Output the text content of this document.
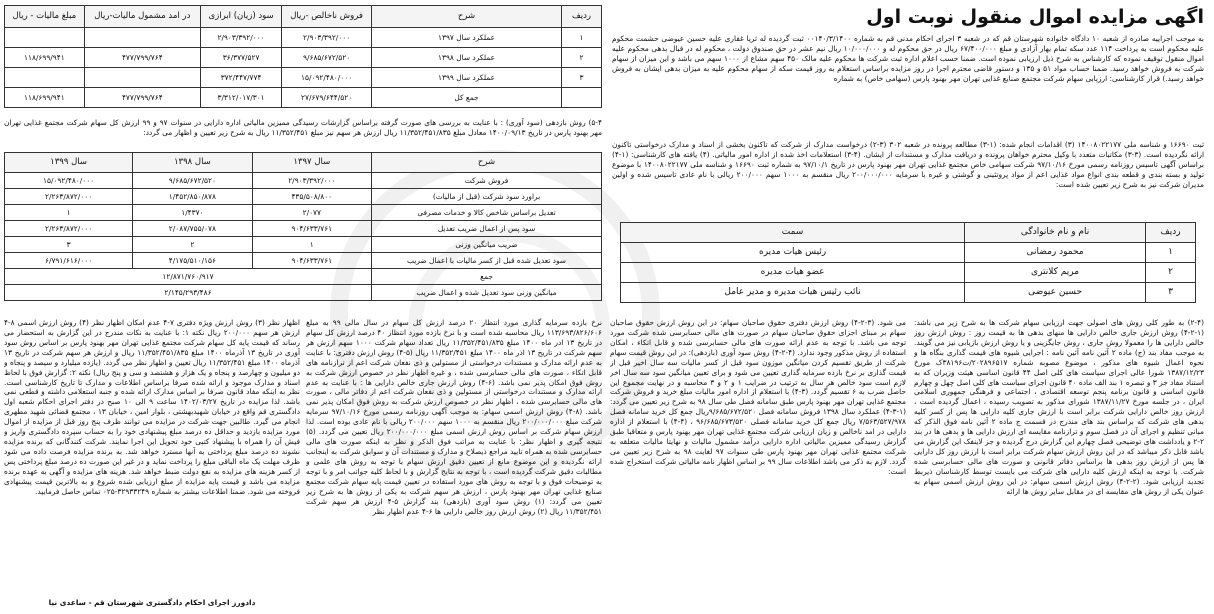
اگهی مزایده اموال منقول نوبت اول

به موجب اجراییه صادره از شعبه ۱۰ دادگاه خانواده شهرستان قم که در شعبه ۳ اجرای احکام مدنی قم به شماره ۰۰۱۴۰/۳/۱۴۰۰ ثبت گردیده له ثریا غفاری علیه حسین عیوضی حشمت محکوم علیه محکوم است به پرداخت ۱۱۴ عدد سکه تمام بهار آزادی و مبلغ ۶۷/۴۰۰/۰۰۰ ریال در حق محکوم له و ۱۰/۰۰۰/۰۰۰ ریال نیم عشر در حق صندوق دولت ، محکوم له در قبال بدهی محکوم علیه اموال منقول توقیف نموده که کارشناس به شرح ذیل ارزیابی نموده است. ضمنا حسب اعلام اداره ثبت شرکت ها محکوم علیه مالک ۴۵۰ سهم مشاع از ۱۰۰۰ سهم می باشد و این میزان از سهام شرکت به فروش خواهد رسید. ضمنا حساب مواد ۵۱ و ۱۳۵ و دستور قاضی محترم اجرا در روز مزایده براساس استعلام به روز قیمت سکه از سهام محکوم علیه به میزان بدهی ایشان به فروش خواهد رسید.) قرار کارشناسی: ارزیابی سهام شرکت مجتمع صنایع غذایی تهران مهر بهنود پارس (سهامی خاص) به شماره

ثبت ۱۶۶۹۰ و شناسه ملی ۱۴۰۰۸۰۲۲۱۷۷ (۳) اقدامات انجام شده: (۱-۳) مطالعه پرونده در شعبه ۳۰۲ (۳-۲) درخواست مدارک از شرکت که تاکنون بخشی از اسناد و مدارک درخواستی تاکنون ارائه نگردیده است. (۳-۳) مکاتبات متعدد با وکیل محترم خواهان پرونده و دریافت مدارک و مستندات از ایشان. (۴-۳) استعلامات اخذ شده از اداره امور مالیاتی. (۴) یافته های کارشناسی: (۱-۴) براساس آگهی تاسیس روزنامه رسمی مورخ ۹۷/۱۰/۱۶ شرکت سهامی خاص مجتمع غذایی تهران مهر بهنود پارس در تاریخ ۹۷/۱۰/۱ به شماره ثبت ۱۶۶۹۰ و شناسه ملی ۱۴۰۰۸۰۲۲۱۷۷ با موضوع تولید و بسته بندی و قطعه بندی انواع مواد غذایی اعم از مواد پروتئینی و گوشتی و غیره با سرمایه ۲۰۰/۰۰۰/۰۰۰ ریال منقسم به ۱۰۰۰ سهم ۲۰۰/۰۰۰ ریالی با نام عادی تاسیس شده و اولین مدیران شرکت نیز به شرح زیر تعیین شده است:

ردیف	نام و نام خانوادگی	سمت
۱	محمود رمضانی	رئیس هیات مدیره
۲	مریم کلانتری	عضو هیات مدیره
۳	حسین عیوضی	نائب رئیس هیات مدیره و مدیر عامل

(۲-۴) به طور کلی روش های اصولی جهت ارزیابی سهام شرکت ها به شرح زیر می باشد: (۱-۲-۴) روش ارزش جاری خالص دارایی ها منهای بدهی ها به قیمت روز : روش ارزش روز خالص دارایی ها را معمولا روش جاری ، روش جایگزینی و یا روش ارزش بازیابی نیز می گویند. به موجب مفاد بند (ج) ماده ۲ آئین نامه آئین نامه : اجرایی شیوه های قیمت گذاری بنگاه ها و نحوه اعمال شیوه های مذکور ، موضوع مصوبه شماره ۲۰۲۸۹۶۵۱۷/ت۳۸۱۹۶ک مورخ ۱۳۸۷/۱۲/۲۳ شورا عالی اجرای سیاست های کلی اصل ۴۴ قانون اساسی هیئت وزیران که به استناد مفاد جز ۳ و تبصره ۱ بند الف ماده ۴۰ قانون اجرای سیاست های کلی اصل چهل و چهارم قانون اساسی و قانون برنامه پنجم توسعه اقتصادی ، اجتماعی و فرهنگی جمهوری اسلامی ایران ، در جلسه مورخ ۱۳۸۷/۱۱/۲۷ شورای مذکور به تصویب رسیده ، اعمال گردیده است ، ارزش روز خالص دارایی شرکت برابر است با ارزش جاری کلیه دارایی ها پس از کسر کلیه بدهی های شرکت که براساس بند های مندرج در قسمت ج ماده ۲ آئین نامه فوق الذکر که مبانی تنظیم و اجرای آن در فصل سوم و ترازنامه مقایسه ای ارزش دارایی ها و بدهی ها در بند ۲-۲ و یادداشت های توضیحی فصل چهارم این گزارش درج گردیده و جز لاینفک این گزارش می باشد قابل ذکر میباشد که در این روش ارزش سهام شرکت برابر است با ارزش روز کل دارایی ها پس از ارزش روز بدهی ها براساس دفاتر قانونی و صورت های مالی حسابرسی شده شرکت. با توجه به اینکه ارزش کلیه دارایی های شرکت می بایست توسط کارشناسان ذیربط تجدید ارزیابی شود. (۲-۲-۴) روش ارزش اسمی سهام: در این روش ارزش اسمی سهام به عنوان یکی از روش های مقایسه ای در مقابل سایر روش ها ارائه

می شود. (۳-۲-۴) روش ارزش دفتری حقوق صاحبان سهام: در این روش ارزش حقوق صاحبان سهام بر مبنای اجزای حقوق صاحبان سهام در صورت های مالی حسابرسی شده شرکت مورد توجه می باشد. با توجه به عدم ارائه صورت های مالی حسابرسی شده و قابل اتکاء ، امکان استفاده از روش مذکور وجود ندارد. (۴-۲-۴) روش سود آوری (بازدهی): در این روش قیمت سهام شرکت از طریق تقسیم کردن میانگین موزون سود قبل از کسر مالیات سه سال اخیر قبل از قیمت گذاری بر نرخ بازده سرمایه گذاری تعیین می شود و برای تعیین میانگین سود سه سال اخر لازم است سود خالص هر سال به ترتیب در ضرایب ۱ و ۲ و ۳ محاسبه و در نهایت مجموع این حاصل ضرب به ۶ تقسیم گردد. (۳-۴) با استعلام از اداره امور مالیات مبلغ خرید و فروش شرکت مجتمع غذایی تهران مهر بهنود پارس طبق سامانه فصل طی سال ۹۸ به شرح زیر تعیین می گردد: (۱-۳-۴) عملکرد سال ۱۳۹۸ فروش سامانه فصل ۹/۶۸۵/۶۷۲/۵۲۰ریال جمع کل خرید سامانه فصل ۷/۵۶۳/۵۲۷/۹۷۸ ریال جمع کل خرید سامانه فصلی ۹۶/۶۸۵/۶۷۳/۵۲۰ ، (۴-۴) با استعلام از اداره دارایی در امد ناخالص و زیان ارزیابی شرکت مجتمع غذایی تهران مهر بهنود پارس و متعاقبا طبق گزارش رسیدگی ممیزین مالیاتی اداره دارایی درآمد مشمول مالیات و نهایتا مالیات متعلقه به شرکت مجتمع غذایی تهران مهر بهنود پارس طی سنوات ۹۷ لغایت ۹۸ به شرح زیر تعیین می گردد. لازم به ذکر می باشد اطلاعات سال ۹۹ بر اساس اظهار نامه مالیاتی شرکت استخراج شده است:

ردیف	شرح	فروش ناخالص -ریال	سود (زیان) ابرازی	در امد مشمول مالیات-ریال	مبلغ مالیات - ریال
۱	عملکرد سال ۱۳۹۷	۲/۹۰۳/۳۹۲/۰۰۰	۲/۹۰۳/۳۹۲/۰۰۰		
۲	عملکرد سال ۱۳۹۸	۹/۶۸۵/۶۷۲/۵۲۰	۳۶/۳۷۷/۵۲۷	۴۷۷/۷۹۹/۷۶۴	۱۱۸/۶۹۹/۹۴۱
۳	عملکرد سال ۱۳۹۹	۱۵/۰۹۲/۴۸۰/۰۰۰	۳۷۲/۴۴۷/۷۷۴		
	جمع کل	۲۷/۶۷۹/۶۴۴/۵۲۰	۳/۳۱۲/۰۱۷/۳۰۱	۴۷۷/۷۹۹/۷۶۴	۱۱۸/۶۹۹/۹۴۱

۵-۴) روش بازدهی (سود آوری) : با عنایت به بررسی های صورت گرفته براساس گزارشات رسیدگی ممیزین مالیاتی اداره دارایی در سنوات ۹۷ و ۹۹ ارزش کل سهام شرکت مجتمع غذایی تهران مهر بهنود پارس در تاریخ ۱۴۰۰/۰۹/۱۳ معادل مبلغ ۱۱/۳۵۲/۴۵۱/۸۳۵ ریال ارزش هر سهم نیز مبلغ ۱۱/۳۵۲/۴۵۱ ریال به شرح زیر تعیین و اظهار می گردد:

شرح	سال ۱۳۹۷	سال ۱۳۹۸	سال ۱۳۹۹
فروش شرکت	۲/۹۰۳/۳۹۲/۰۰۰	۹/۶۸۵/۶۷۲/۵۲۰	۱۵/۰۹۲/۴۸۰/۰۰۰
براورد سود شرکت (قبل از مالیات)	۴۳۵/۵۰۸/۸۰۰	۱/۴۵۲/۸۵۰/۸۷۸	۲/۲۶۳/۸۷۲/۰۰۰
تعدیل براساس شاخص کالا و خدمات مصرفی	۲/۰۷۷	۱/۴۳۷۰	۱
سود پس از اعمال ضریب تعدیل	۹۰۴/۶۳۳/۷۶۱	۲/۰۸۷/۷۵۵/۰۷۸	۲/۲۶۳/۸۷۲/۰۰۰
ضریب میانگین وزنی	۱	۲	۳
سود تعدیل شده قبل از کسر مالیات با اعمال ضریب	۹۰۴/۶۳۳/۷۶۱	۴/۱۷۵/۵۱۰/۱۵۶	۶/۷۹۱/۶۱۶/۰۰۰
جمع	۱۲/۸۷۱/۷۶۰/۹۱۷		
میانگین وزنی سود تعدیل شده و اعمال ضریب	۲/۱۴۵/۲۹۳/۴۸۶		

نرخ بازده سرمایه گذاری مورد انتظار ۲۰ درصد ارزش کل سهام در سال مالی ۹۹ به مبلغ ۱۱۳/۶۹۳/۸۲۶/۶۰۶ ریال محاسبه شده است و با نرخ بازده مورد انتظار ۴۰ درصد ارزش کل سهام در تاریخ ۱۳ ادر ماه ۱۴۰۰ مبلغ ۱۱/۳۵۲/۴۵۱/۸۳۵ ریال تعداد سهام شرکت ۱۰۰۰ سهم ارزش هر سهم شرکت در تاریخ ۱۳ اذر ماه ۱۴۰۰ مبلغ ۱۱/۳۵۲/۴۵۱ ریال (۵-۴) روش ارزش دفتری: با عنایت به عدم ارائه مدارک و مستندات درخواستی از مستولین و ذی نفعان شرکت اعم از ترازنامه های قابل اتکاء ، صورت های مالی حسابرسی شده ، و غیره اظهار نظر در خصوص ارزش شرکت به روش فوق امکان پذیر نمی باشد. (۶-۴) روش ارزش جاری خالص دارایی ها : با عنایت به عدم ارائه مدارک و مستندات درخواستی از مستولین و ذی نفعان شرکت اعم از دفاتر مالی ، صورت های مالی حسابرسی شده ، اظهار نظر در خصوص ارزش شرکت به روش فوق امکان پذیر نمی باشد. (۸-۴) روش ارزش اسمی سهام: به موجب آگهی روزنامه رسمی مورخ ۹۷/۱۰/۱۶ سرمایه شرکت مبلغ ۲۰۰/۰۰۰/۰۰۰ ریال منقسم به ۱۰۰۰ سهم ۲۰۰/۰۰۰ ریالی با نام عادی بوده است. لذا ارزش سهام شرکت بر اساس روش ارزش اسمی مبلغ ۲۰۰/۰۰۰/۰۰۰ ریال تعیین می گردد. (۵) نتیجه گیری و اظهار نظر: با عنایت به مراتب فوق الذکر و نظر به اینکه صورت های مالی حسابرسی شده به همراه تایید مراجع ذیصلاح و مدارک و مستندات آن و سوابق شرکت به اینجانب ارائه نگردیده و این موضوع مانع از تعیین دقیق ارزش سهام با توجه به روش های علمی و مطالبات دقیق شرکت گردیده است ، با توجه به نتایج گزارش و با لحاظ کلیه جوانب امر و با توجه به توضیحات فوق و با توجه به روش های مورد استفاده در تعیین قیمت پایه سهام شرکت مجتمع صنایع غذایی تهران مهر بهنود پارس ، ارزش هر سهم شرکت به یکی از روش ها به شرح زیر تعیین می گردد: (۱) روش سود آوری (بازدهی) بند گزارش ۵-۴ ارزش هر سهم شرکت ۱۱/۳۵۲/۴۵۱ ریال (۲) روش ارزش روز خالص دارایی ها ۶-۴ عدم اظهار نظر

اظهار نظر (۳) روش ارزش ویژه دفتری ۷-۴ عدم امکان اظهار نظر (۴) روش ارزش اسمی ۸-۴ ارزش هر سهم ۲۰۰/۰۰۰ ریال نکته ۱: با عنایت به نکات مندرج در این گزارش به استحضار می رساند که قیمت پایه کل سهام شرکت مجتمع غذایی تهران مهر بهنود پارس بر اساس روش سود آوری در تاریخ ۱۳ آذرماه ۱۴۰۰ مبلغ ۱۱/۳۵۲/۴۵۱/۸۳۵ ریال و ارزش هر سهم شرکت در تاریخ ۱۳ آذرماه ۱۴۰۰ مبلغ ۱۱/۳۵۲/۴۵۱ ریال تعیین و اظهار نظر می گردد. (یازده میلیارد و سیصد و پنجاه و دو میلیون و چهارصد و پنجاه و یک هزار و هشتصد و سی و پنج ریال) نکته ۲: گزارش فوق با لحاظ اسناد و مدارک موجود و ارائه شده صرفا براساس اطلاعات و مدارک تا تاریخ کارشناسی است. نظر به اینکه مفاد قانون صرفا بر اساس مدارک ارائه شده و جنبه استعلامی داشته و قطعی نمی باشد. لذا مزایده در تاریخ ۱۴۰۲/۰۳/۲۷ ساعت ۹ الی ۱۰ صبح در دفتر اجرای احکام شعبه اول دادگستری قم واقع در خیابان شهیدبهشتی ، بلوار امین ، خیابان ۱۳ ، مجتمع قضائی شهید مطهری انجام می گیرد. طالبین جهت شرکت در مزایده می توانند ظرف پنج روز قبل از مزایده از اموال مورد مزایده بازدید و حداقل ده درصد مبلغ پیشنهادی خود را به حساب سپرده دادگستری واریز و فیش آن را همراه با پیشنهاد کتبی خود تحویل این اجرا نمایند. شرکت کنندگانی که برنده مزایده نشوند ده درصد مبلغ پرداختی به آنها مسترد خواهد شد. به برنده مزایده فرصت داده می شود ظرف مهلت یک ماه الباقی مبلغ را پرداخت نماید و در غیر این صورت ده درصد مبلغ پرداختی پس از کسر هزینه های مزایده به نفع دولت ضبط خواهد شد. هزینه های مزایده و آگهی به عهده برنده مزایده می باشد و قیمت پایه مزایده از مبلغ ارزیابی شده شروع و به بالاترین قیمت پیشنهادی فروخته می شود. ضمنا اطلاعات بیشتر به شماره ۳۲۹۳۳۲۴۹-۰۲۵ تماس حاصل فرمایید.

دادورز اجرای احکام دادگستری شهرستان قم - ساعدی نیا
